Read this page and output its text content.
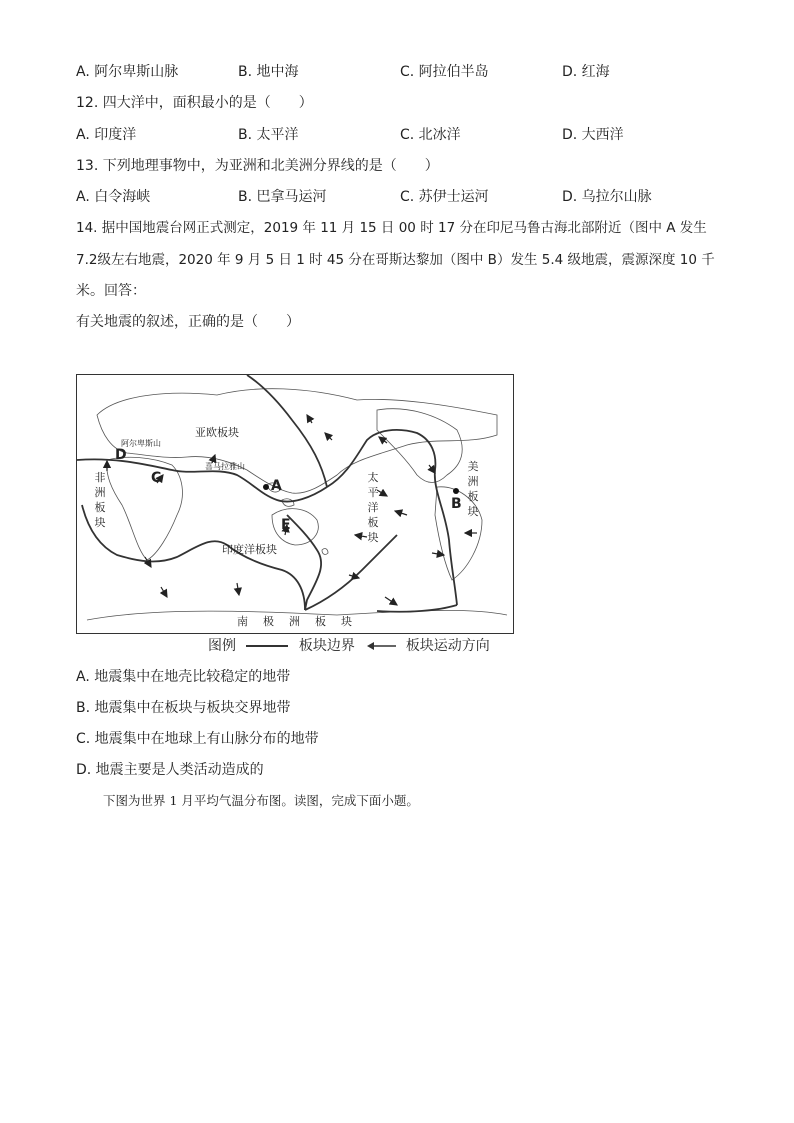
A. 阿尔卑斯山脉	B. 地中海	C. 阿拉伯半岛	D. 红海
12. 四大洋中，面积最小的是（　　）
A. 印度洋	B. 太平洋	C. 北冰洋	D. 大西洋
13. 下列地理事物中，为亚洲和北美洲分界线的是（　　）
A. 白令海峡	B. 巴拿马运河	C. 苏伊士运河	D. 乌拉尔山脉
14. 据中国地震台网正式测定，2019 年 11 月 15 日 00 时 17 分在印尼马鲁古海北部附近（图中 A 发生
7.2级左右地震，2020 年 9 月 5 日 1 时 45 分在哥斯达黎加（图中 B）发生 5.4 级地震，震源深度 10 千
米。回答：
有关地震的叙述，正确的是（　　）
亚欧板块
阿尔卑斯山
喜马拉雅山
非洲板块
印度洋板块
太平洋板块
美洲板块
南　极　洲　板　块
A
B
C
D
E
图例	板块边界	板块运动方向
A. 地震集中在地壳比较稳定的地带
B. 地震集中在板块与板块交界地带
C. 地震集中在地球上有山脉分布的地带
D. 地震主要是人类活动造成的
下图为世界 1 月平均气温分布图。读图，完成下面小题。
